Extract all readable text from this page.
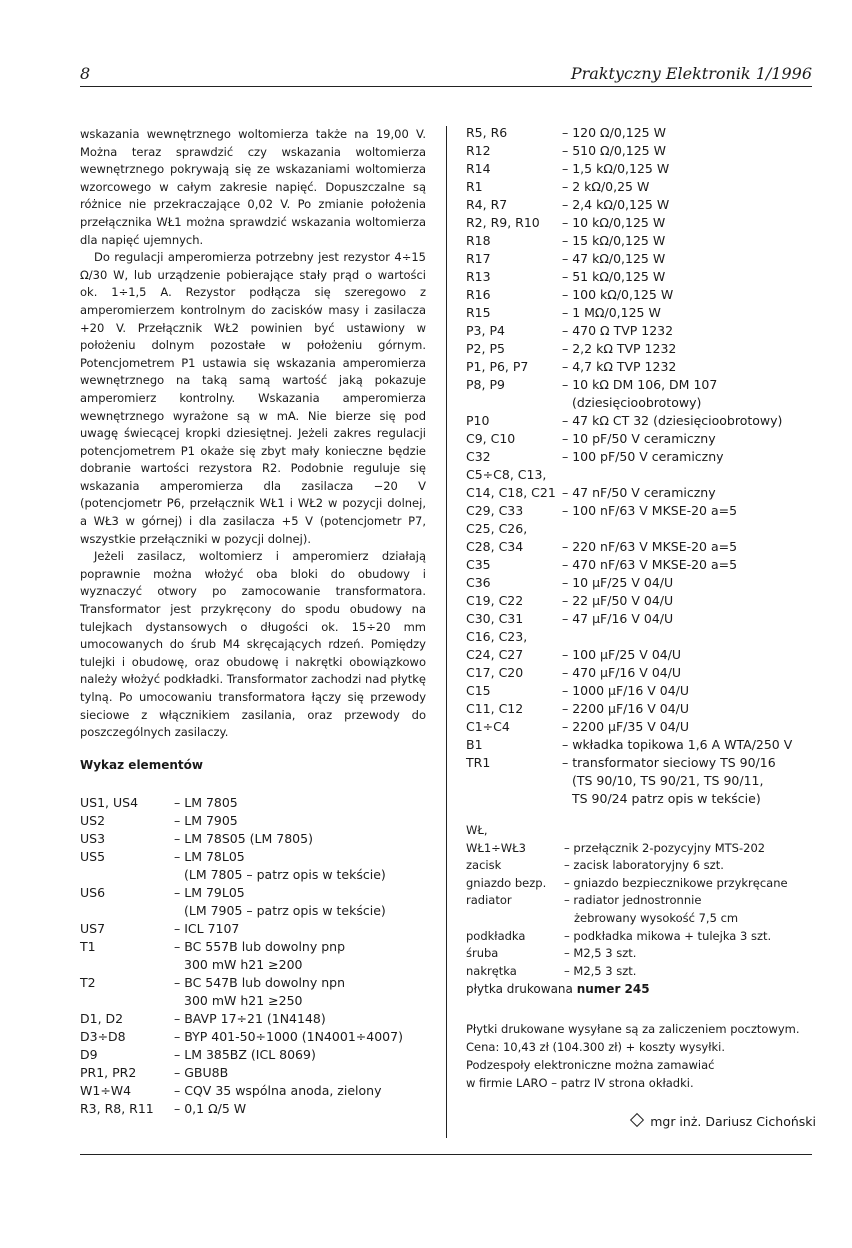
8	Praktyczny Elektronik 1/1996

wskazania wewnętrznego woltomierza także na 19,00 V. Można teraz sprawdzić czy wskazania woltomierza wewnętrznego pokrywają się ze wskazaniami woltomierza wzorcowego w całym zakresie napięć. Dopuszczalne są różnice nie przekraczające 0,02 V. Po zmianie położenia przełącznika WŁ1 można sprawdzić wskazania woltomierza dla napięć ujemnych.

Do regulacji amperomierza potrzebny jest rezystor 4÷15 Ω/30 W, lub urządzenie pobierające stały prąd o wartości ok. 1÷1,5 A. Rezystor podłącza się szeregowo z amperomierzem kontrolnym do zacisków masy i zasilacza +20 V. Przełącznik WŁ2 powinien być ustawiony w położeniu dolnym pozostałe w położeniu górnym. Potencjometrem P1 ustawia się wskazania amperomierza wewnętrznego na taką samą wartość jaką pokazuje amperomierz kontrolny. Wskazania amperomierza wewnętrznego wyrażone są w mA. Nie bierze się pod uwagę świecącej kropki dziesiętnej. Jeżeli zakres regulacji potencjometrem P1 okaże się zbyt mały konieczne będzie dobranie wartości rezystora R2. Podobnie reguluje się wskazania amperomierza dla zasilacza −20 V (potencjometr P6, przełącznik WŁ1 i WŁ2 w pozycji dolnej, a WŁ3 w górnej) i dla zasilacza +5 V (potencjometr P7, wszystkie przełączniki w pozycji dolnej).

Jeżeli zasilacz, woltomierz i amperomierz działają poprawnie można włożyć oba bloki do obudowy i wyznaczyć otwory po zamocowanie transformatora. Transformator jest przykręcony do spodu obudowy na tulejkach dystansowych o długości ok. 15÷20 mm umocowanych do śrub M4 skręcających rdzeń. Pomiędzy tulejki i obudowę, oraz obudowę i nakrętki obowiązkowo należy włożyć podkładki. Transformator zachodzi nad płytkę tylną. Po umocowaniu transformatora łączy się przewody sieciowe z włącznikiem zasilania, oraz przewody do poszczególnych zasilaczy.

Wykaz elementów
US1, US4	– LM 7805
US2	– LM 7905
US3	– LM 78S05 (LM 7805)
US5	– LM 78L05
	(LM 7805 – patrz opis w tekście)
US6	– LM 79L05
	(LM 7905 – patrz opis w tekście)
US7	– ICL 7107
T1	– BC 557B lub dowolny pnp
	300 mW h21 ≥200
T2	– BC 547B lub dowolny npn
	300 mW h21 ≥250
D1, D2	– BAVP 17÷21 (1N4148)
D3÷D8	– BYP 401-50÷1000 (1N4001÷4007)
D9	– LM 385BZ (ICL 8069)
PR1, PR2	– GBU8B
W1÷W4	– CQV 35 wspólna anoda, zielony
R3, R8, R11	– 0,1 Ω/5 W
R5, R6	– 120 Ω/0,125 W
R12	– 510 Ω/0,125 W
R14	– 1,5 kΩ/0,125 W
R1	– 2 kΩ/0,25 W
R4, R7	– 2,4 kΩ/0,125 W
R2, R9, R10	– 10 kΩ/0,125 W
R18	– 15 kΩ/0,125 W
R17	– 47 kΩ/0,125 W
R13	– 51 kΩ/0,125 W
R16	– 100 kΩ/0,125 W
R15	– 1 MΩ/0,125 W
P3, P4	– 470 Ω TVP 1232
P2, P5	– 2,2 kΩ TVP 1232
P1, P6, P7	– 4,7 kΩ TVP 1232
P8, P9	– 10 kΩ DM 106, DM 107
	(dziesięcioobrotowy)
P10	– 47 kΩ CT 32 (dziesięcioobrotowy)
C9, C10	– 10 pF/50 V ceramiczny
C32	– 100 pF/50 V ceramiczny
C5÷C8, C13,	
C14, C18, C21	– 47 nF/50 V ceramiczny
C29, C33	– 100 nF/63 V MKSE-20 a=5
C25, C26,	
C28, C34	– 220 nF/63 V MKSE-20 a=5
C35	– 470 nF/63 V MKSE-20 a=5
C36	– 10 μF/25 V 04/U
C19, C22	– 22 μF/50 V 04/U
C30, C31	– 47 μF/16 V 04/U
C16, C23,	
C24, C27	– 100 μF/25 V 04/U
C17, C20	– 470 μF/16 V 04/U
C15	– 1000 μF/16 V 04/U
C11, C12	– 2200 μF/16 V 04/U
C1÷C4	– 2200 μF/35 V 04/U
B1	– wkładka topikowa 1,6 A WTA/250 V
TR1	– transformator sieciowy TS 90/16
	(TS 90/10, TS 90/21, TS 90/11,
	TS 90/24 patrz opis w tekście)
WŁ,	
WŁ1÷WŁ3	– przełącznik 2-pozycyjny MTS-202
zacisk	– zacisk laboratoryjny 6 szt.
gniazdo bezp.	– gniazdo bezpiecznikowe przykręcane
radiator	– radiator jednostronnie
	żebrowany wysokość 7,5 cm
podkładka	– podkładka mikowa + tulejka 3 szt.
śruba	– M2,5 3 szt.
nakrętka	– M2,5 3 szt.
płytka drukowana numer 245
Płytki drukowane wysyłane są za zaliczeniem pocztowym.
Cena: 10,43 zł (104.300 zł) + koszty wysyłki.
Podzespoły elektroniczne można zamawiać
w firmie LARO – patrz IV strona okładki.
mgr inż. Dariusz Cichoński
